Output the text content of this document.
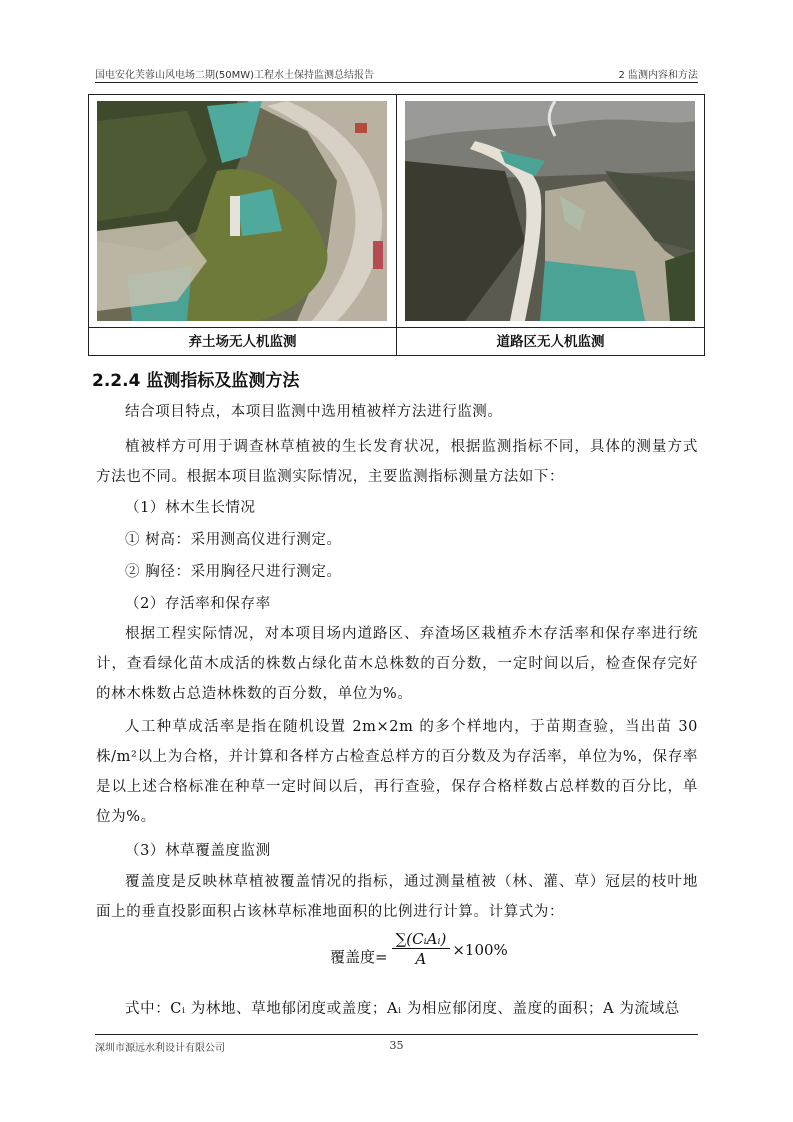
国电安化芙蓉山风电场二期(50MW)工程水土保持监测总结报告	2 监测内容和方法
弃土场无人机监测	道路区无人机监测
2.2.4 监测指标及监测方法
结合项目特点，本项目监测中选用植被样方法进行监测。
植被样方可用于调查林草植被的生长发育状况，根据监测指标不同，具体的测量方式方法也不同。根据本项目监测实际情况，主要监测指标测量方法如下：
（1）林木生长情况
① 树高：采用测高仪进行测定。
② 胸径：采用胸径尺进行测定。
（2）存活率和保存率
根据工程实际情况，对本项目场内道路区、弃渣场区栽植乔木存活率和保存率进行统计，查看绿化苗木成活的株数占绿化苗木总株数的百分数，一定时间以后，检查保存完好的林木株数占总造林株数的百分数，单位为%。
人工种草成活率是指在随机设置 2m×2m 的多个样地内，于苗期查验，当出苗 30 株/m²以上为合格，并计算和各样方占检查总样方的百分数及为存活率，单位为%，保存率是以上述合格标准在种草一定时间以后，再行查验，保存合格样数占总样数的百分比，单位为%。
（3）林草覆盖度监测
覆盖度是反映林草植被覆盖情况的指标，通过测量植被（林、灌、草）冠层的枝叶地面上的垂直投影面积占该林草标准地面积的比例进行计算。计算式为：
覆盖度=	∑(CᵢAᵢ)	×100%
A
式中：Cᵢ 为林地、草地郁闭度或盖度；Aᵢ 为相应郁闭度、盖度的面积；A 为流域总
深圳市源远水利设计有限公司	35
